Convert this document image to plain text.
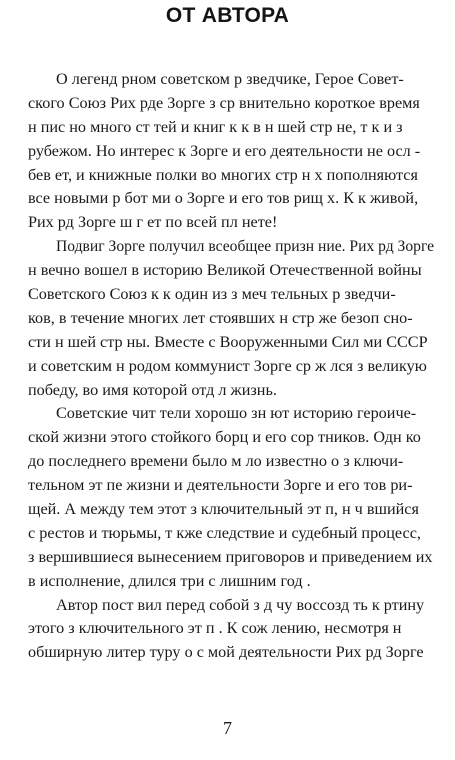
ОТ АВТОРА
О легенд рном советском р зведчике, Герое Совет-
ского Союз Рих рде Зорге з ср внительно короткое время
н пис но много ст тей и книг к к в н шей стр не, т к и з
рубежом. Но интерес к Зорге и его деятельности не осл -
бев ет, и книжные полки во многих стр н х пополняются
все новыми р бот ми о Зорге и его тов рищ х. К к живой,
Рих рд Зорге ш г ет по всей пл нете!
Подвиг Зорге получил всеобщее призн ние. Рих рд Зорге
н вечно вошел в историю Великой Отечественной войны
Советского Союз к к один из з меч тельных р зведчи-
ков, в течение многих лет стоявших н стр же безоп сно-
сти н шей стр ны. Вместе с Вооруженными Сил ми СССР
и советским н родом коммунист Зорге ср ж лся з великую
победу, во имя которой отд л жизнь.
Советские чит тели хорошо зн ют историю героиче-
ской жизни этого стойкого борц и его сор тников. Одн ко
до последнего времени было м ло известно о з ключи-
тельном эт пе жизни и деятельности Зорге и его тов ри-
щей. А между тем этот з ключительный эт п, н ч вшийся
с рестов и тюрьмы, т кже следствие и судебный процесс,
з вершившиеся вынесением приговоров и приведением их
в исполнение, длился три с лишним год .
Автор пост вил перед собой з д чу воссозд ть к ртину
этого з ключительного эт п . К сож лению, несмотря н
обширную литер туру о с мой деятельности Рих рд Зорге
7
